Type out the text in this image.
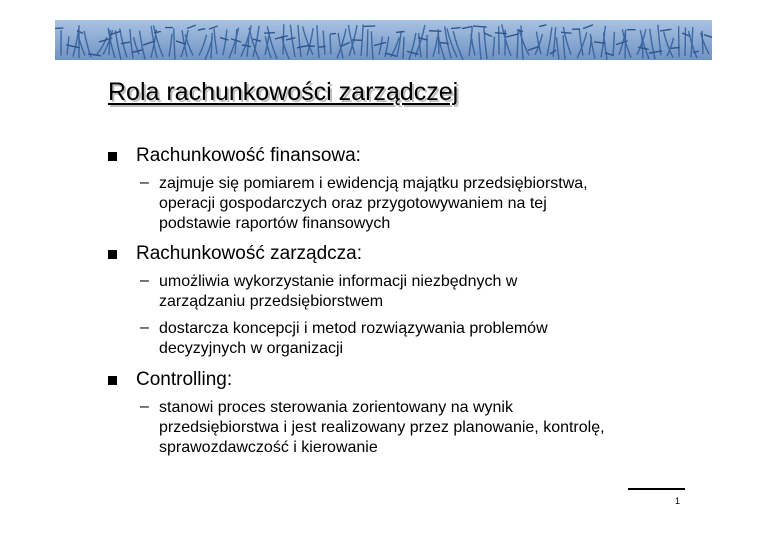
Rola rachunkowości zarządczej
Rachunkowość finansowa:
– zajmuje się pomiarem i ewidencją majątku przedsiębiorstwa,
operacji gospodarczych oraz przygotowywaniem na tej
podstawie raportów finansowych
Rachunkowość zarządcza:
– umożliwia wykorzystanie informacji niezbędnych w
zarządzaniu przedsiębiorstwem
– dostarcza koncepcji i metod rozwiązywania problemów
decyzyjnych w organizacji
Controlling:
– stanowi proces sterowania zorientowany na wynik
przedsiębiorstwa i jest realizowany przez planowanie, kontrolę,
sprawozdawczość i kierowanie
1
